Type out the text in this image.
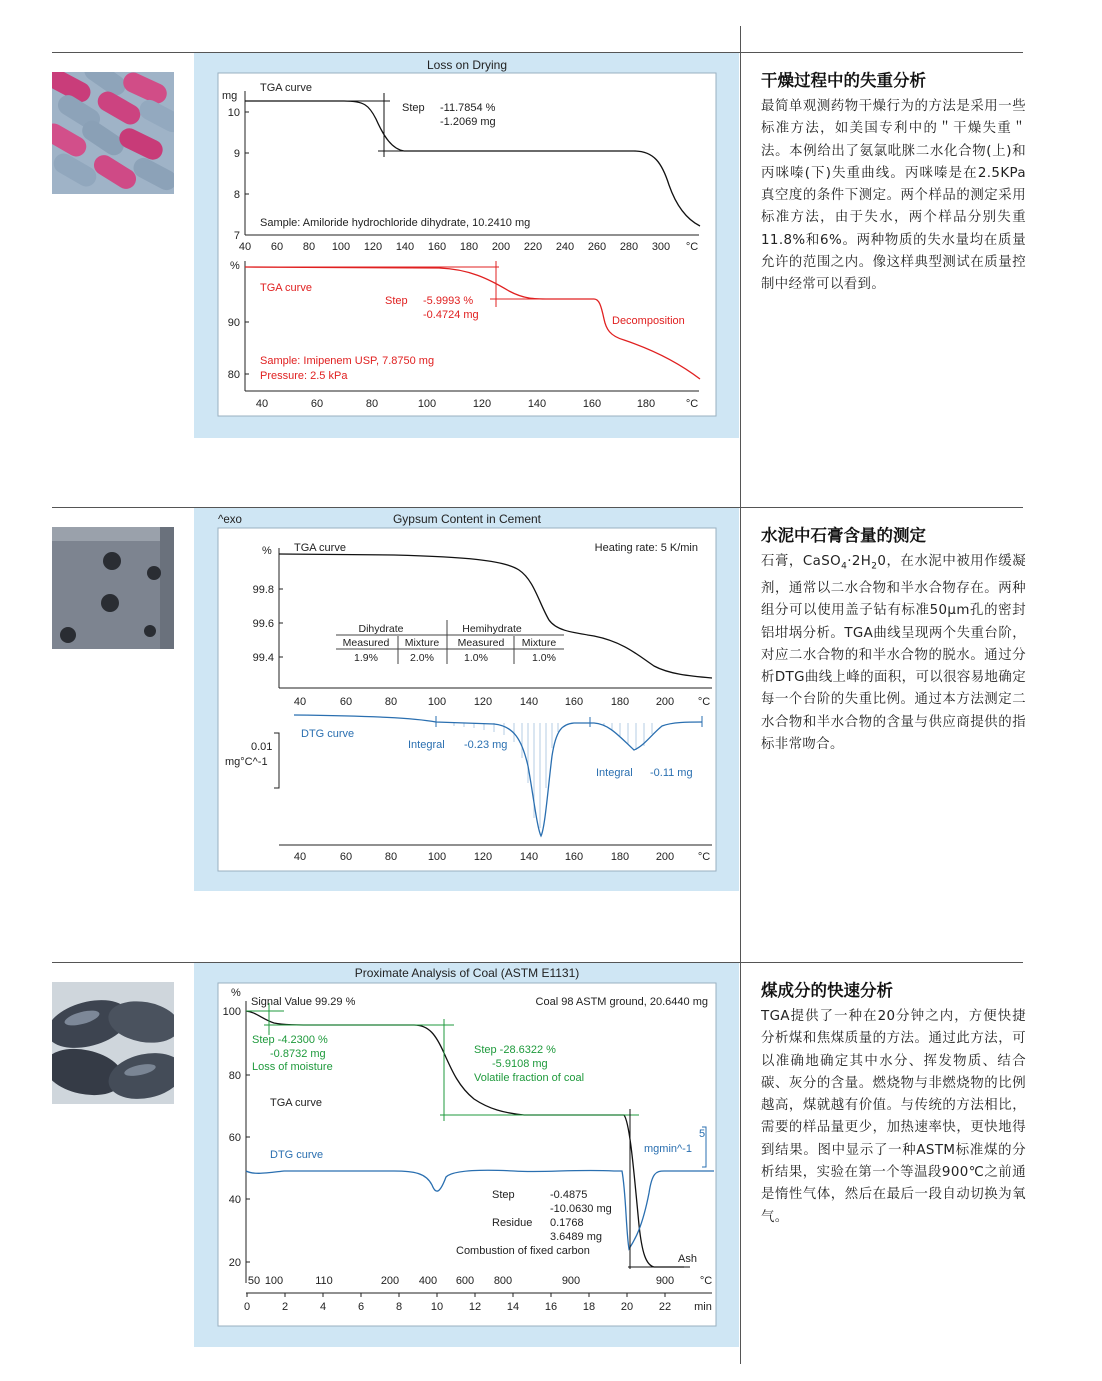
Loss on Drying
mg
10
9
8
7
40 60 80 100 120 140 160 180 200 220 240 260 280 300 °C
TGA curve
Step -11.7854 %
-1.2069 mg
Sample: Amiloride hydrochloride dihydrate, 10.2410 mg
%
90
80
40	60	80	100	120	140	160	180	°C
TGA curve
Step -5.9993 %
-0.4724 mg	Decomposition
Sample: Imipenem USP, 7.8750 mg
Pressure: 2.5 kPa
^exo	Gypsum Content in Cement
% TGA curve	Heating rate: 5 K/min
99.8
99.6
99.4
40	60	80	100	120	140 160	180 200 °C
Dihydrate	Hemihydrate
Measured Mixture Measured Mixture
1.9%	2.0%	1.0%	1.0%
40	60	80	100	120	140 160	180 200 °C
DTG curve
Integral -0.23 mg
Integral -0.11 mg
0.01
mg°C^-1
Proximate Analysis of Coal (ASTM E1131)
%
Signal Value 99.29 %	Coal 98 ASTM ground, 20.6440 mg
100
80
60
40
20
50 100	110	200 400 600 800	900	900 °C
0	2	4	6	8	10 12 14 16 18 20 22 min
Step -4.2300 %
-0.8732 mg
Loss of moisture
Step -28.6322 %
-5.9108 mg
Volatile fraction of coal
TGA curve
DTG curve
5
mgmin^-1
Step	-0.4875
-10.0630 mg
Residue 0.1768
3.6489 mg
Combustion of fixed carbon
Ash
干燥过程中的失重分析

最简单观测药物干燥行为的方法是采用一些标准方法，如美国专利中的＂干燥失重＂法。本例给出了氨氯吡脒二水化合物(上)和丙咪嗪(下)失重曲线。丙咪嗪是在2.5KPa真空度的条件下测定。两个样品的测定采用标准方法，由于失水，两个样品分别失重11.8%和6%。两种物质的失水量均在质量允许的范围之内。像这样典型测试在质量控制中经常可以看到。

水泥中石膏含量的测定

石膏，$CaSO_4\cdot 2H_20$，在水泥中被用作缓凝剂，通常以二水合物和半水合物存在。两种组分可以使用盖子钻有标准50μm孔的密封铝坩埚分析。TGA曲线呈现两个失重台阶，对应二水合物的和半水合物的脱水。通过分析DTG曲线上峰的面积，可以很容易地确定每一个台阶的失重比例。通过本方法测定二水合物和半水合物的含量与供应商提供的指标非常吻合。

煤成分的快速分析

TGA提供了一种在20分钟之内，方便快捷分析煤和焦煤质量的方法。通过此方法，可以准确地确定其中水分、挥发物质、结合碳、灰分的含量。燃烧物与非燃烧物的比例越高，煤就越有价值。与传统的方法相比，需要的样品量更少，加热速率快，更快地得到结果。图中显示了一种ASTM标准煤的分析结果，实验在第一个等温段900℃之前通是惰性气体，然后在最后一段自动切换为氧气。
